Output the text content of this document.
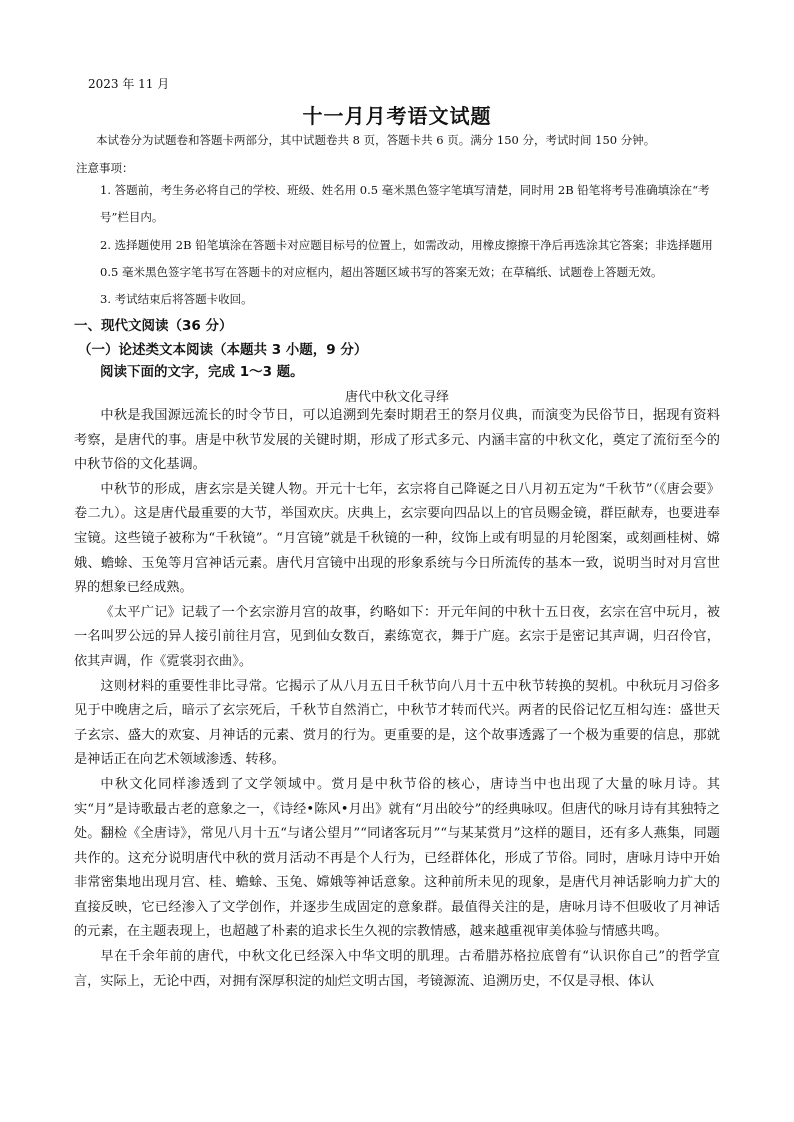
2023 年 11 月
十一月月考语文试题
本试卷分为试题卷和答题卡两部分，其中试题卷共 8 页，答题卡共 6 页。满分 150 分，考试时间 150 分钟。
注意事项：
1. 答题前，考生务必将自己的学校、班级、姓名用 0.5 毫米黑色签字笔填写清楚，同时用 2B 铅笔将考号准确填涂在“考号”栏目内。
2. 选择题使用 2B 铅笔填涂在答题卡对应题目标号的位置上，如需改动，用橡皮擦擦干净后再选涂其它答案；非选择题用 0.5 毫米黑色签字笔书写在答题卡的对应框内，超出答题区域书写的答案无效；在草稿纸、试题卷上答题无效。
3. 考试结束后将答题卡收回。
一、现代文阅读（36 分）
（一）论述类文本阅读（本题共 3 小题，9 分）
阅读下面的文字，完成 1～3 题。
唐代中秋文化寻绎

中秋是我国源远流长的时令节日，可以追溯到先秦时期君王的祭月仪典，而演变为民俗节日，据现有资料考察，是唐代的事。唐是中秋节发展的关键时期，形成了形式多元、内涵丰富的中秋文化，奠定了流衍至今的中秋节俗的文化基调。

中秋节的形成，唐玄宗是关键人物。开元十七年，玄宗将自己降诞之日八月初五定为“千秋节”（《唐会要》卷二九）。这是唐代最重要的大节，举国欢庆。庆典上，玄宗要向四品以上的官员赐金镜，群臣献寿，也要进奉宝镜。这些镜子被称为“千秋镜”。“月宫镜”就是千秋镜的一种，纹饰上或有明显的月轮图案，或刻画桂树、嫦娥、蟾蜍、玉兔等月宫神话元素。唐代月宫镜中出现的形象系统与今日所流传的基本一致，说明当时对月宫世界的想象已经成熟。

《太平广记》记载了一个玄宗游月宫的故事，约略如下：开元年间的中秋十五日夜，玄宗在宫中玩月，被一名叫罗公远的异人接引前往月宫，见到仙女数百，素练宽衣，舞于广庭。玄宗于是密记其声调，归召伶官，依其声调，作《霓裳羽衣曲》。

这则材料的重要性非比寻常。它揭示了从八月五日千秋节向八月十五中秋节转换的契机。中秋玩月习俗多见于中晚唐之后，暗示了玄宗死后，千秋节自然消亡，中秋节才转而代兴。两者的民俗记忆互相勾连：盛世天子玄宗、盛大的欢宴、月神话的元素、赏月的行为。更重要的是，这个故事透露了一个极为重要的信息，那就是神话正在向艺术领域渗透、转移。

中秋文化同样渗透到了文学领域中。赏月是中秋节俗的核心，唐诗当中也出现了大量的咏月诗。其实“月”是诗歌最古老的意象之一，《诗经•陈风•月出》就有“月出皎兮”的经典咏叹。但唐代的咏月诗有其独特之处。翻检《全唐诗》，常见八月十五“与诸公望月”“同诸客玩月”“与某某赏月”这样的题目，还有多人燕集，同题共作的。这充分说明唐代中秋的赏月活动不再是个人行为，已经群体化，形成了节俗。同时，唐咏月诗中开始非常密集地出现月宫、桂、蟾蜍、玉兔、嫦娥等神话意象。这种前所未见的现象，是唐代月神话影响力扩大的直接反映，它已经渗入了文学创作，并逐步生成固定的意象群。最值得关注的是，唐咏月诗不但吸收了月神话的元素，在主题表现上，也超越了朴素的追求长生久视的宗教情感，越来越重视审美体验与情感共鸣。

早在千余年前的唐代，中秋文化已经深入中华文明的肌理。古希腊苏格拉底曾有“认识你自己”的哲学宣言，实际上，无论中西，对拥有深厚积淀的灿烂文明古国，考镜源流、追溯历史，不仅是寻根、体认
